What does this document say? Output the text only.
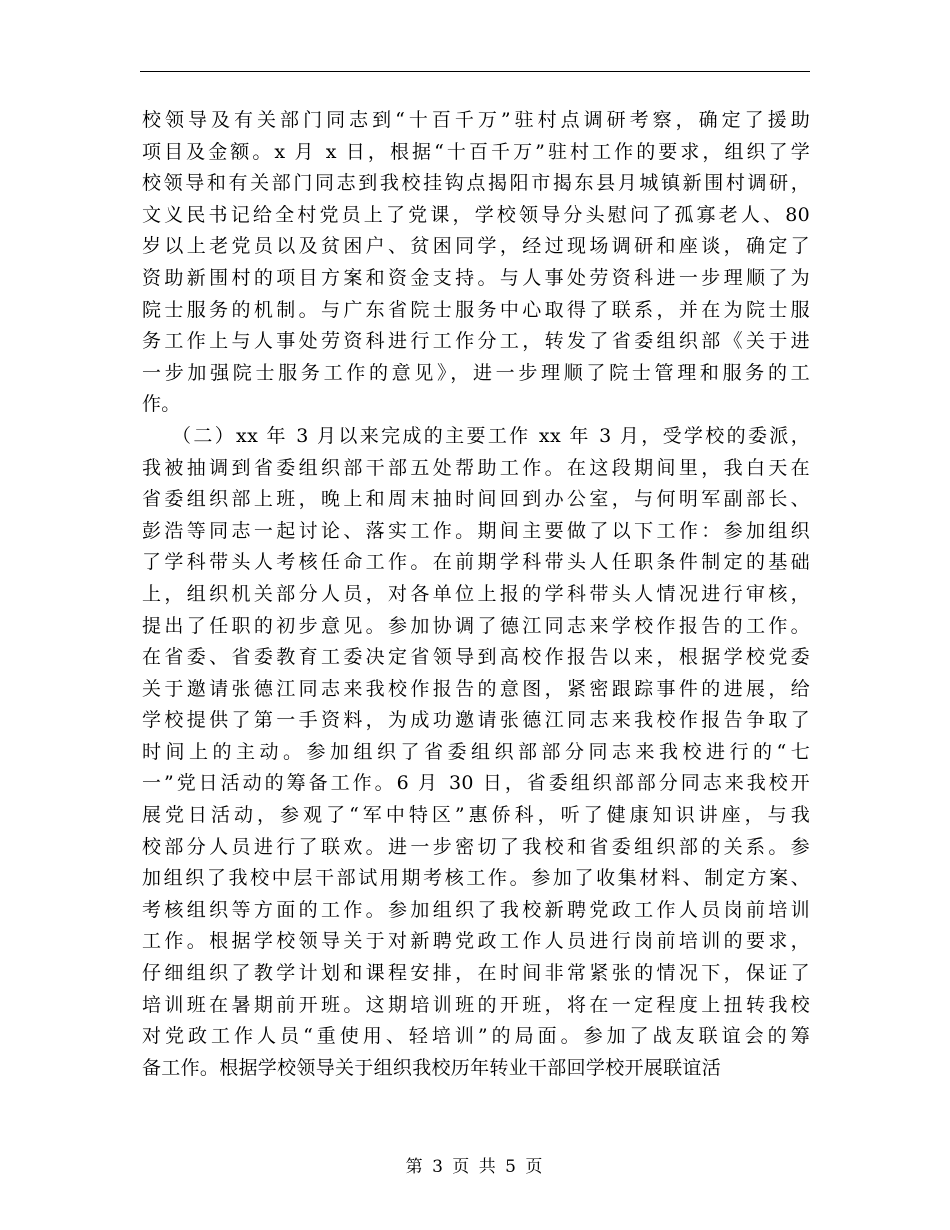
校领导及有关部门同志到“十百千万”驻村点调研考察，确定了援助
项目及金额。x 月 x 日，根据“十百千万”驻村工作的要求，组织了学
校领导和有关部门同志到我校挂钩点揭阳市揭东县月城镇新围村调研，
文义民书记给全村党员上了党课，学校领导分头慰问了孤寡老人、80
岁以上老党员以及贫困户、贫困同学，经过现场调研和座谈，确定了
资助新围村的项目方案和资金支持。与人事处劳资科进一步理顺了为
院士服务的机制。与广东省院士服务中心取得了联系，并在为院士服
务工作上与人事处劳资科进行工作分工，转发了省委组织部《关于进
一步加强院士服务工作的意见》，进一步理顺了院士管理和服务的工
作。
（二）xx 年 3 月以来完成的主要工作 xx 年 3 月，受学校的委派，
我被抽调到省委组织部干部五处帮助工作。在这段期间里，我白天在
省委组织部上班，晚上和周末抽时间回到办公室，与何明军副部长、
彭浩等同志一起讨论、落实工作。期间主要做了以下工作：参加组织
了学科带头人考核任命工作。在前期学科带头人任职条件制定的基础
上，组织机关部分人员，对各单位上报的学科带头人情况进行审核，
提出了任职的初步意见。参加协调了德江同志来学校作报告的工作。
在省委、省委教育工委决定省领导到高校作报告以来，根据学校党委
关于邀请张德江同志来我校作报告的意图，紧密跟踪事件的进展，给
学校提供了第一手资料，为成功邀请张德江同志来我校作报告争取了
时间上的主动。参加组织了省委组织部部分同志来我校进行的“七
一”党日活动的筹备工作。6 月 30 日，省委组织部部分同志来我校开
展党日活动，参观了“军中特区”惠侨科，听了健康知识讲座，与我
校部分人员进行了联欢。进一步密切了我校和省委组织部的关系。参
加组织了我校中层干部试用期考核工作。参加了收集材料、制定方案、
考核组织等方面的工作。参加组织了我校新聘党政工作人员岗前培训
工作。根据学校领导关于对新聘党政工作人员进行岗前培训的要求，
仔细组织了教学计划和课程安排，在时间非常紧张的情况下，保证了
培训班在暑期前开班。这期培训班的开班，将在一定程度上扭转我校
对党政工作人员“重使用、轻培训”的局面。参加了战友联谊会的筹
备工作。根据学校领导关于组织我校历年转业干部回学校开展联谊活
第 3 页 共 5 页
